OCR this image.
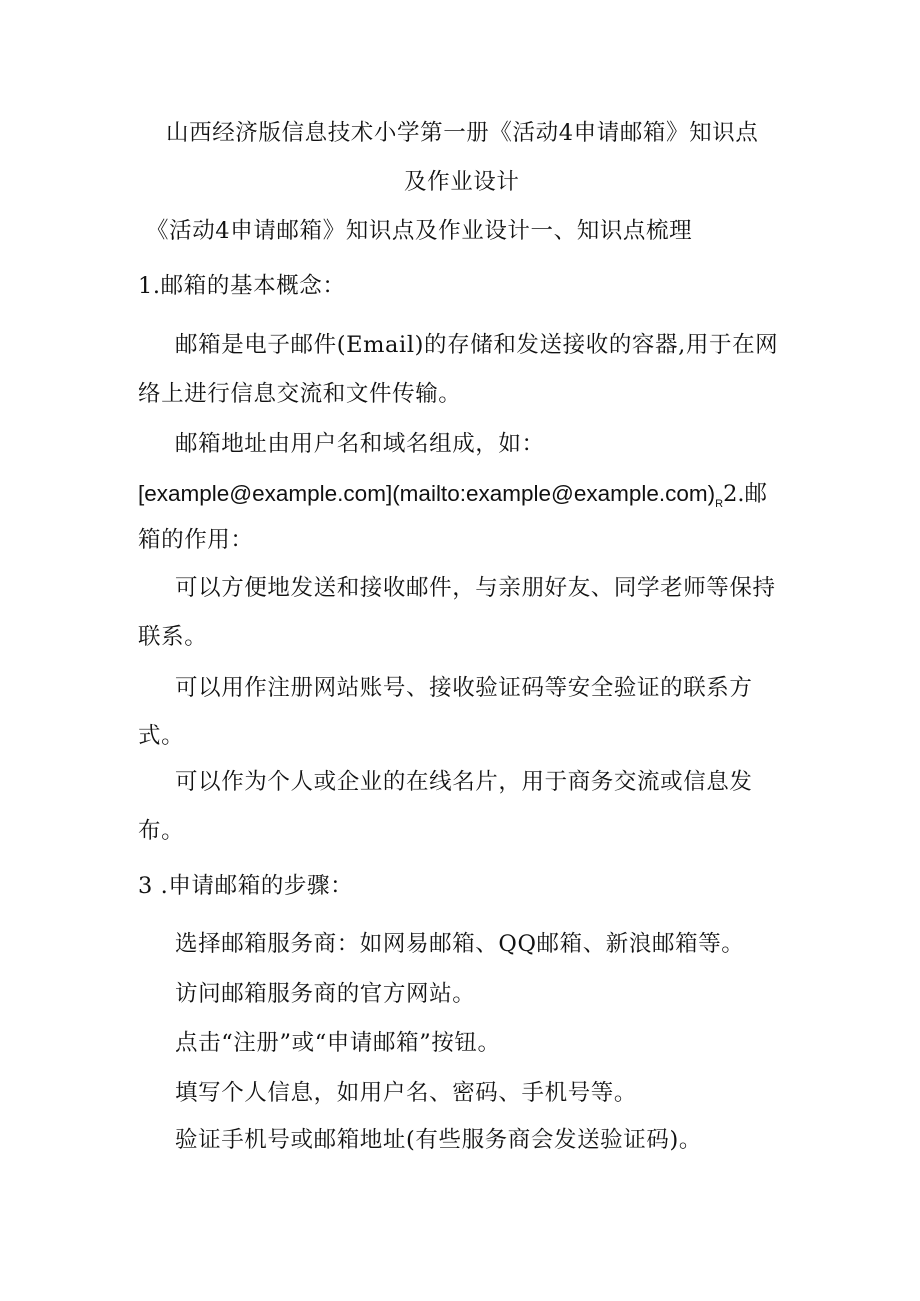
山西经济版信息技术小学第一册《活动4申请邮箱》知识点
及作业设计
《活动4申请邮箱》知识点及作业设计一、知识点梳理
1.邮箱的基本概念：
邮箱是电子邮件(Email)的存储和发送接收的容器,用于在网
络上进行信息交流和文件传输。
邮箱地址由用户名和域名组成，如：
$[example@example.com](mailto:example@example.com)_R2$.邮
箱的作用：
可以方便地发送和接收邮件，与亲朋好友、同学老师等保持
联系。
可以用作注册网站账号、接收验证码等安全验证的联系方
式。
可以作为个人或企业的在线名片，用于商务交流或信息发
布。
3 .申请邮箱的步骤：
选择邮箱服务商：如网易邮箱、QQ邮箱、新浪邮箱等。
访问邮箱服务商的官方网站。
点击“注册”或“申请邮箱”按钮。
填写个人信息，如用户名、密码、手机号等。
验证手机号或邮箱地址(有些服务商会发送验证码)。
